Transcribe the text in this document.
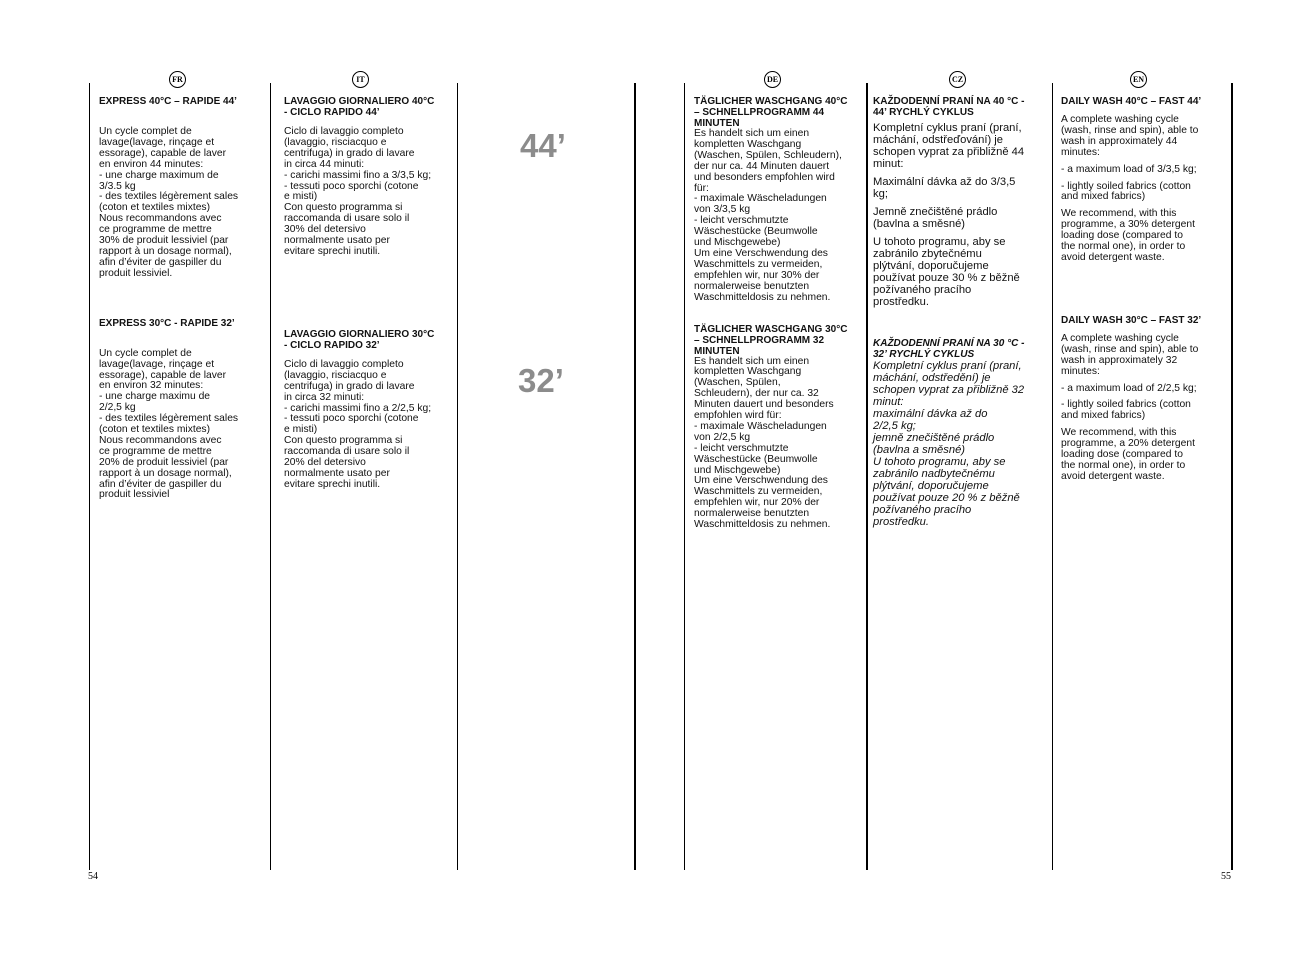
FR	IT	DE	CZ	EN
44’
32’
EXPRESS 40°C – RAPIDE 44’

Un cycle complet de
lavage(lavage, rinçage et
essorage), capable de laver
en environ 44 minutes:
- une charge maximum de
3/3.5 kg
- des textiles légèrement sales
(coton et textiles mixtes)
Nous recommandons avec
ce programme de mettre
30% de produit lessiviel (par
rapport à un dosage normal),
afin d’éviter de gaspiller du
produit lessiviel.

EXPRESS 30°C - RAPIDE 32’

Un cycle complet de
lavage(lavage, rinçage et
essorage), capable de laver
en environ 32 minutes:
- une charge maximu de
2/2,5 kg
- des textiles légèrement sales
(coton et textiles mixtes)
Nous recommandons avec
ce programme de mettre
20% de produit lessiviel (par
rapport à un dosage normal),
afin d’éviter de gaspiller du
produit lessiviel

LAVAGGIO GIORNALIERO 40°C
- CICLO RAPIDO 44’

Ciclo di lavaggio completo
(lavaggio, risciacquo e
centrifuga) in grado di lavare
in circa 44 minuti:
- carichi massimi fino a 3/3,5 kg;
- tessuti poco sporchi (cotone
e misti)
Con questo programma si
raccomanda di usare solo il
30% del detersivo
normalmente usato per
evitare sprechi inutili.

LAVAGGIO GIORNALIERO 30°C
- CICLO RAPIDO 32’

Ciclo di lavaggio completo
(lavaggio, risciacquo e
centrifuga) in grado di lavare
in circa 32 minuti:
- carichi massimi fino a 2/2,5 kg;
- tessuti poco sporchi (cotone
e misti)
Con questo programma si
raccomanda di usare solo il
20% del detersivo
normalmente usato per
evitare sprechi inutili.

TÄGLICHER WASCHGANG 40°C
– SCHNELLPROGRAMM 44
MINUTEN

Es handelt sich um einen
kompletten Waschgang
(Waschen, Spülen, Schleudern),
der nur ca. 44 Minuten dauert
und besonders empfohlen wird
für:
- maximale Wäscheladungen
von 3/3,5 kg
- leicht verschmutzte
Wäschestücke (Beumwolle
und Mischgewebe)
Um eine Verschwendung des
Waschmittels zu vermeiden,
empfehlen wir, nur 30% der
normalerweise benutzten
Waschmitteldosis zu nehmen.

TÄGLICHER WASCHGANG 30°C
– SCHNELLPROGRAMM 32
MINUTEN

Es handelt sich um einen
kompletten Waschgang
(Waschen, Spülen,
Schleudern), der nur ca. 32
Minuten dauert und besonders
empfohlen wird für:
- maximale Wäscheladungen
von 2/2,5 kg
- leicht verschmutzte
Wäschestücke (Beumwolle
und Mischgewebe)
Um eine Verschwendung des
Waschmittels zu vermeiden,
empfehlen wir, nur 20% der
normalerweise benutzten
Waschmitteldosis zu nehmen.

KAŽDODENNÍ PRANÍ NA 40 °C -
44’ RYCHLÝ CYKLUS

Kompletní cyklus praní (praní,
máchání, odstřeďování) je
schopen vyprat za přibližně 44
minut:

Maximální dávka až do 3/3,5
kg;

Jemně znečištěné prádlo
(bavlna a směsné)

U tohoto programu, aby se
zabránilo zbytečnému
plýtvání, doporučujeme
používat pouze 30 % z běžně
požívaného pracího
prostředku.

KAŽDODENNÍ PRANÍ NA 30 °C -
32’ RYCHLÝ CYKLUS

Kompletní cyklus praní (praní,
máchání, odstředění) je
schopen vyprat za přibližně 32
minut:
maximální dávka až do
2/2,5 kg;
jemně znečištěné prádlo
(bavlna a směsné)
U tohoto programu, aby se
zabránilo nadbytečnému
plýtvání, doporučujeme
používat pouze 20 % z běžně
požívaného pracího
prostředku.

DAILY WASH 40°C – FAST 44’

A complete washing cycle
(wash, rinse and spin), able to
wash in approximately 44
minutes:

- a maximum load of 3/3,5 kg;

- lightly soiled fabrics (cotton
and mixed fabrics)

We recommend, with this
programme, a 30% detergent
loading dose (compared to
the normal one), in order to
avoid detergent waste.

DAILY WASH 30°C – FAST 32’

A complete washing cycle
(wash, rinse and spin), able to
wash in approximately 32
minutes:

- a maximum load of 2/2,5 kg;

- lightly soiled fabrics (cotton
and mixed fabrics)

We recommend, with this
programme, a 20% detergent
loading dose (compared to
the normal one), in order to
avoid detergent waste.

54	55
